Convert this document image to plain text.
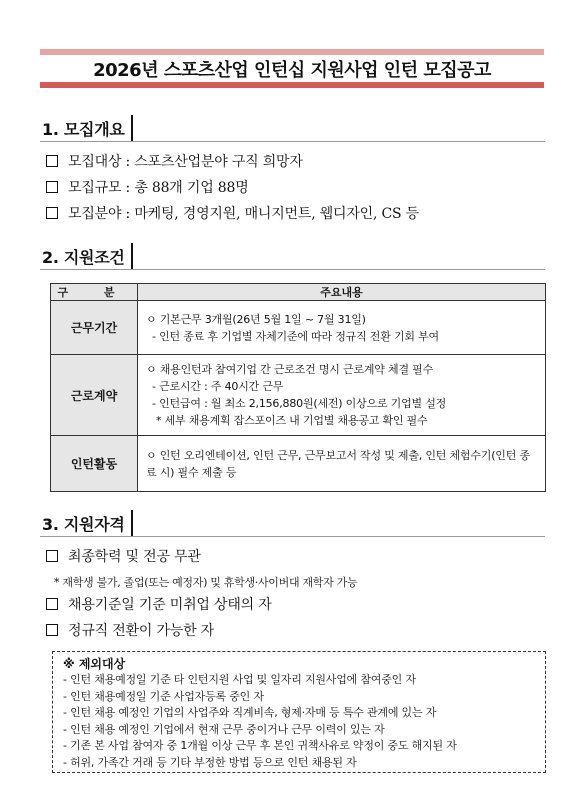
2026년 스포츠산업 인턴십 지원사업 인턴 모집공고
1. 모집개요
모집대상 : 스포츠산업분야 구직 희망자
모집규모 : 총 88개 기업 88명
모집분야 : 마케팅, 경영지원, 매니지먼트, 웹디자인, CS 등
2. 지원조건
구 분	주요내용
근무기간	ㅇ 기본근무 3개월(26년 5월 1일 ~ 7월 31일)
- 인턴 종료 후 기업별 자체기준에 따라 정규직 전환 기회 부여

근로계약	ㅇ 채용인턴과 참여기업 간 근로조건 명시 근로계약 체결 필수
- 근로시간 : 주 40시간 근무
- 인턴급여 : 월 최소 2,156,880원(세전) 이상으로 기업별 설정
* 세부 채용계획 잡스포이즈 내 기업별 채용공고 확인 필수

인턴활동	ㅇ 인턴 오리엔테이션, 인턴 근무, 근무보고서 작성 및 제출, 인턴 체험수기(인턴 종료 시) 필수 제출 등
3. 지원자격
최종학력 및 전공 무관
* 재학생 불가, 졸업(또는 예정자) 및 휴학생·사이버대 재학자 가능
채용기준일 기준 미취업 상태의 자
정규직 전환이 가능한 자
※ 제외대상
- 인턴 채용예정일 기준 타 인턴지원 사업 및 일자리 지원사업에 참여중인 자
- 인턴 채용예정일 기준 사업자등록 중인 자
- 인턴 채용 예정인 기업의 사업주와 직계비속, 형제·자매 등 특수 관계에 있는 자
- 인턴 채용 예정인 기업에서 현재 근무 중이거나 근무 이력이 있는 자
- 기존 본 사업 참여자 중 1개월 이상 근무 후 본인 귀책사유로 약정이 중도 해지된 자
- 허위, 가족간 거래 등 기타 부정한 방법 등으로 인턴 채용된 자
